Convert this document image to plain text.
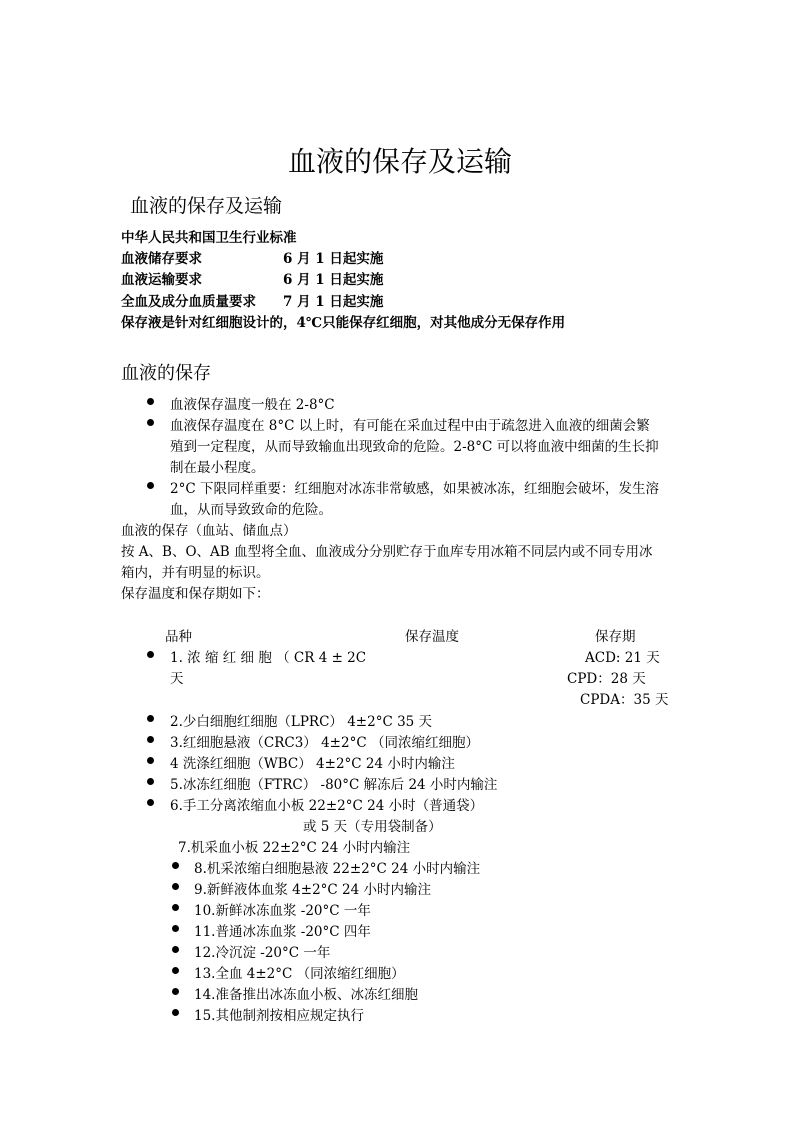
血液的保存及运输
血液的保存及运输
中华人民共和国卫生行业标准
血液储存要求	6 月 1 日起实施
血液运输要求	6 月 1 日起实施
全血及成分血质量要求 7 月 1 日起实施
保存液是针对红细胞设计的，4℃只能保存红细胞，对其他成分无保存作用
血液的保存
血液保存温度一般在 2-8°C
血液保存温度在 8°C 以上时，有可能在采血过程中由于疏忽进入血液的细菌会繁
殖到一定程度，从而导致输血出现致命的危险。2-8°C 可以将血液中细菌的生长抑
制在最小程度。
2°C 下限同样重要：红细胞对冰冻非常敏感，如果被冰冻，红细胞会破坏，发生溶
血，从而导致致命的危险。
血液的保存（血站、储血点）
按 A、B、O、AB 血型将全血、血液成分分别贮存于血库专用冰箱不同层内或不同专用冰
箱内，并有明显的标识。
保存温度和保存期如下：
品种	保存温度	保存期
1. 浓 缩 红 细 胞 （ CR 4 ± 2C	ACD: 21 天
天	CPD：28 天
CPDA：35 天
2.少白细胞红细胞（LPRC） 4±2°C 35 天
3.红细胞悬液（CRC3） 4±2°C （同浓缩红细胞）
4 洗涤红细胞（WBC） 4±2°C 24 小时内输注
5.冰冻红细胞（FTRC） -80°C 解冻后 24 小时内输注
6.手工分离浓缩血小板 22±2°C 24 小时（普通袋）
或 5 天（专用袋制备）
7.机采血小板 22±2°C 24 小时内输注
8.机采浓缩白细胞悬液 22±2°C 24 小时内输注
9.新鲜液体血浆 4±2°C 24 小时内输注
10.新鲜冰冻血浆 -20°C 一年
11.普通冰冻血浆 -20°C 四年
12.冷沉淀 -20°C 一年
13.全血 4±2°C （同浓缩红细胞）
14.准备推出冰冻血小板、冰冻红细胞
15.其他制剂按相应规定执行
